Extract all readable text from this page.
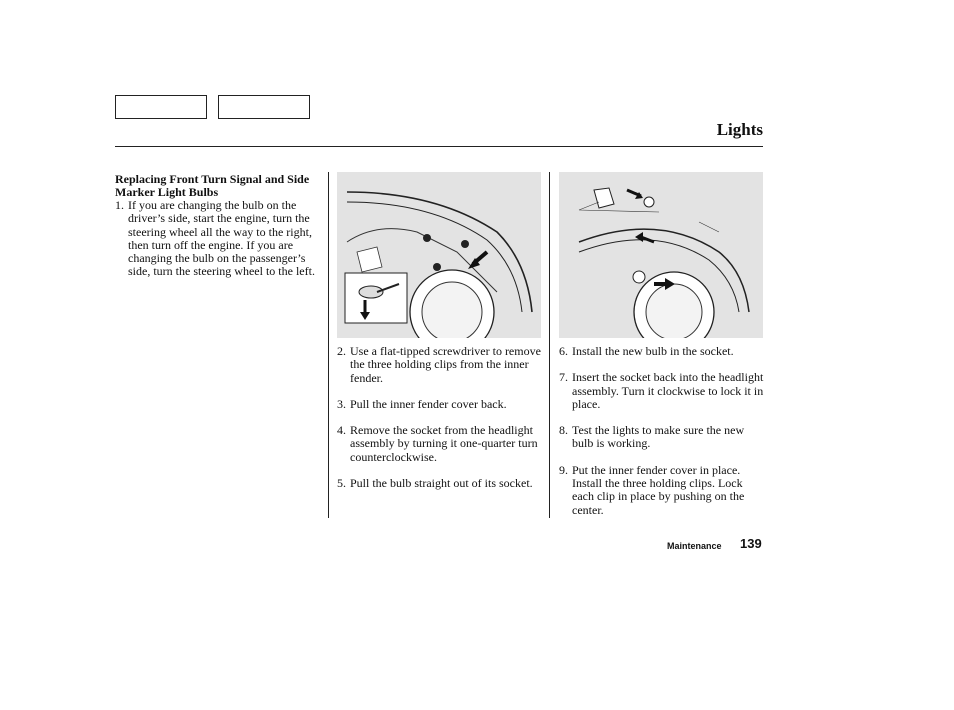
Lights
Replacing Front Turn Signal and Side Marker Light Bulbs

1. If you are changing the bulb on the driver’s side, start the engine, turn the steering wheel all the way to the right, then turn off the engine. If you are changing the bulb on the passenger’s side, turn the steering wheel to the left.

2. Use a flat-tipped screwdriver to remove the three holding clips from the inner fender.

3. Pull the inner fender cover back.

4. Remove the socket from the headlight assembly by turning it one-quarter turn counterclockwise.

5. Pull the bulb straight out of its socket.

6. Install the new bulb in the socket.

7. Insert the socket back into the headlight assembly. Turn it clockwise to lock it in place.

8. Test the lights to make sure the new bulb is working.

9. Put the inner fender cover in place. Install the three holding clips. Lock each clip in place by pushing on the center.

Maintenance 139
